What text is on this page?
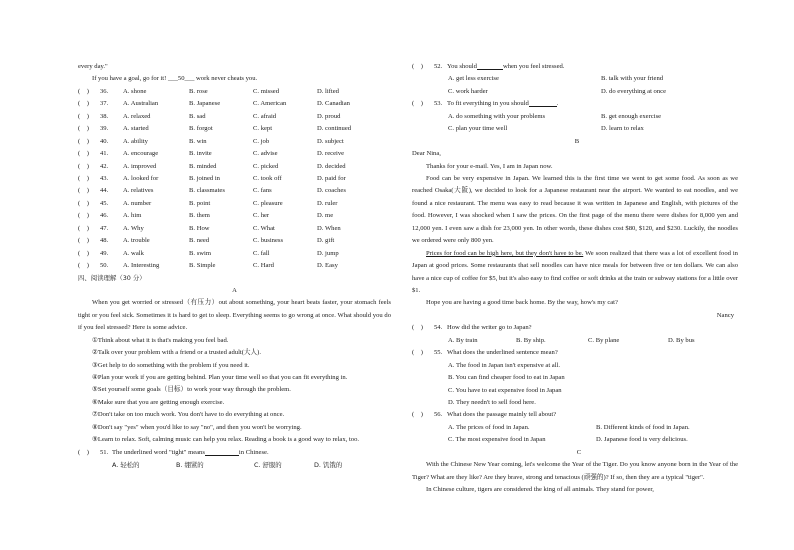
every day."
If you have a goal, go for it! ___50___ work never cheats you.
( )	36.	A. shone	B. rose	C. missed	D. lifted
( )	37.	A. Australian	B. Japanese	C. American	D. Canadian
( )	38.	A. relaxed	B. sad	C. afraid	D. proud
( )	39.	A. started	B. forgot	C. kept	D. continued
( )	40.	A. ability	B. win	C. job	D. subject
( )	41.	A. encourage	B. invite	C. advise	D. receive
( )	42.	A. improved	B. minded	C. picked	D. decided
( )	43.	A. looked for	B. joined in	C. took off	D. paid for
( )	44.	A. relatives	B. classmates	C. fans	D. coaches
( )	45.	A. number	B. point	C. pleasure	D. ruler
( )	46.	A. him	B. them	C. her	D. me
( )	47.	A. Why	B. How	C. What	D. When
( )	48.	A. trouble	B. need	C. business	D. gift
( )	49.	A. walk	B. swim	C. fall	D. jump
( )	50.	A. Interesting	B. Simple	C. Hard	D. Easy
四、阅读理解（30 分）
A

When you get worried or stressed（有压力）out about something, your heart beats faster, your stomach feels tight or you feel sick. Sometimes it is hard to get to sleep. Everything seems to go wrong at once. What should you do if you feel stressed? Here is some advice.

①Think about what it is that's making you feel bad.

②Talk over your problem with a friend or a trusted adult(大人).

③Get help to do something with the problem if you need it.

④Plan your work if you are getting behind. Plan your time well so that you can fit everything in.

⑤Set yourself some goals（目标）to work your way through the problem.

⑥Make sure that you are getting enough exercise.

⑦Don't take on too much work. You don't have to do everything at once.

⑧Don't say "yes" when you'd like to say "no", and then you won't be worrying.

⑨Learn to relax. Soft, calming music can help you relax. Reading a book is a good way to relax, too.

( )	51. The underlined word "tight" means	in Chinese.
A. 轻松的	B. 绷紧的	C. 舒服的	D. 饥饿的
( )	52. You should	when you feel stressed.
A. get less exercise	B. talk with your friend
C. work harder	D. do everything at once
( )	53. To fit everything in you should	.
A. do something with your problems	B. get enough exercise
C. plan your time well	D. learn to relax
B
Dear Nina,

Thanks for your e-mail. Yes, I am in Japan now.

Food can be very expensive in Japan. We learned this is the first time we went to get some food. As soon as we reached Osaka(大阪), we decided to look for a Japanese restaurant near the airport. We wanted to eat noodles, and we found a nice restaurant. The menu was easy to read because it was written in Japanese and English, with pictures of the food. However, I was shocked when I saw the prices. On the first page of the menu there were dishes for 8,000 yen and 12,000 yen. I even saw a dish for 23,000 yen. In other words, these dishes cost $80, $120, and $230. Luckily, the noodles we ordered were only 800 yen.

Prices for food can be high here, but they don't have to be. We soon realized that there was a lot of excellent food in Japan at good prices. Some restaurants that sell noodles can have nice meals for between five or ten dollars. We can also have a nice cup of coffee for $5, but it's also easy to find coffee or soft drinks at the train or subway stations for a little over $1.

Hope you are having a good time back home. By the way, how's my cat?

Nancy
( )	54. How did the writer go to Japan?
A. By train	B. By ship.	C. By plane	D. By bus
( )	55. What does the underlined sentence mean?
A. The food in Japan isn't expensive at all.
B. You can find cheaper food to eat in Japan
C. You have to eat expensive food in Japan
D. They needn't to sell food here.
( )	56. What does the passage mainly tell about?
A. The prices of food in Japan.	B. Different kinds of food in Japan.
C. The most expensive food in Japan	D. Japanese food is very delicious.
C

With the Chinese New Year coming, let's welcome the Year of the Tiger. Do you know anyone born in the Year of the Tiger? What are they like? Are they brave, strong and tenacious (顽强的)? If so, then they are a typical "tiger".

In Chinese culture, tigers are considered the king of all animals. They stand for power,
